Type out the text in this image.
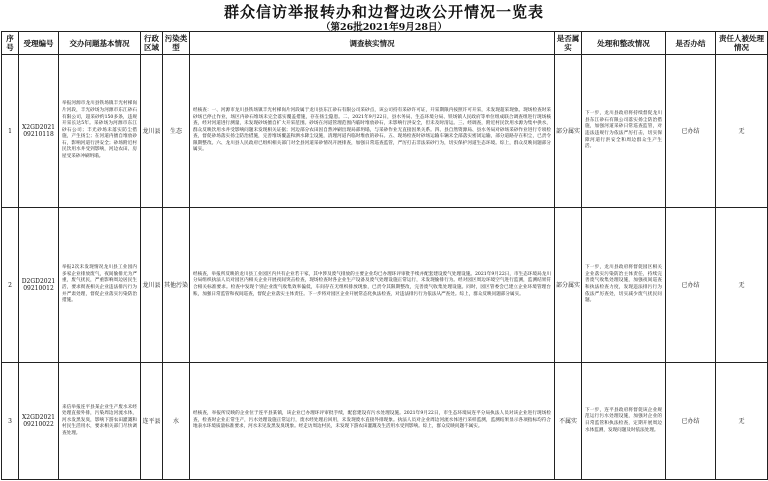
群众信访举报转办和边督边改公开情况一览表
（第26批2021年9月28日）
序号	受理编号	交办问题基本情况	行政区域	污染类型	调查核实情况	是否属实	处理和整改情况	是否办结	责任人被处理情况
1	X2GD2021 09210118	举报河源市龙川县铁场镇丰光村梯岗片河段，丰光砂场为河源市东江砂石有限公司，超采砂约150多条，违规开采长达5年。采砂场为河源市东江砂石公司；丰光砂场未落实防尘措施，产生扬尘；在河道内擅自堆放砂石，影响河道行洪安全；砂场附近村民饮用水井受到影响，河边农田、房屋受采砂冲刷坍塌。	龙川县	生态	经核查：一、河源市龙川县铁场镇丰光村梯岗片河段属于龙川县东江砂石有限公司采砂点，该公司持有采砂许可证，开采期限内按照许可开采，未发现超采现象。现场检查时采砂场已停止作业，场区内砂石堆场未完全落实覆盖措施，存在扬尘隐患。二、2021年9月22日，县水务局、生态环境分局、铁场镇人民政府等单位组成联合调查组进行现场核查，经对河道进行测量，未发现砂场擅自扩大开采范围。砂场在河道管理范围内临时堆放砂石，未影响行洪安全，但未及时清运。三、经调查，附近村民饮用水源为集中供水，群众反映饮用水井受影响问题未发现相关证据；河边部分农田因自然冲刷出现局部坍塌，与采砂作业无直接因果关系。四、县自然资源局、县水务局对砂场采砂作业进行专项检查，督促砂场落实扬尘防治措施，完善堆场覆盖和洒水降尘设施，清理河道内临时堆放的砂石。五、现场检查时砂场运输车辆未全部落实密闭运输，部分道路存在积尘，已责令限期整改。六、龙川县人民政府已组织相关部门对全县河道采砂情况开展排查，加强日常巡查监管，严厉打击非法采砂行为，切实保护河道生态环境。综上，群众反映问题部分属实。	部分属实	下一步，龙川县政府将持续督促龙川县东江砂石有限公司落实扬尘防治措施，加强河道采砂日常巡查监管，对违法违规行为依法严厉打击，切实保障河道行洪安全和周边群众生产生活。	已办结	无
2	D2GD2021 09210012	举报2次未发现情况龙川县工业园内多家企业排放废气，夜间偷排尤为严重，废气扰民，严重影响周边居民生活，要求彻查相关企业违法排污行为并严肃处理，督促企业落实污染防治措施。	龙川县	其他污染	经核查，举报所反映的龙川县工业园区内共有企业若干家，其中涉及废气排放的主要企业均已办理环评审批手续并配套建设废气处理设施。2021年9月22日，市生态环境局龙川分局组织执法人员对园区内相关企业开展夜间突击检查，现场检查时各企业生产设备及废气处理设施正常运行，未发现偷排行为。经对园区周边环境空气进行监测，监测结果符合相关标准要求。检查中发现个别企业废气收集效率偏低，车间存在无组织排放现象，已责令其限期整改，完善废气收集处理设施。同时，园区管委会已建立企业环境管理台账，加强日常监管和夜间巡查，督促企业落实主体责任。下一步将对园区企业开展常态化执法检查，对违法排污行为依法从严查处。综上，群众反映问题部分属实。	部分属实	下一步，龙川县政府将督促园区相关企业落实污染防治主体责任，持续完善废气收集处理设施，加强夜间巡查和执法检查力度，发现违法排污行为依法严厉查处，切实减少废气扰民问题。	已办结	无
3	X2GD2021 09210022	来信举报连平县某企业生产废水未经处理直接外排，污染周边河流水体，河水发黑发臭，影响下游农田灌溉和村民生活用水，要求相关部门尽快调查处理。	连平县	水	经核查，举报所反映的企业位于连平县某镇，该企业已办理环评审批手续，配套建设有污水处理设施。2021年9月22日，市生态环境局连平分局执法人员对该企业进行现场检查，检查时企业正常生产，污水处理设施正常运行，废水经处理后回用，未发现废水直接外排现象。执法人员对企业周边河流水体进行采样监测，监测结果显示各项指标均符合地表水环境质量标准要求，河水未见发黑发臭现象。经走访周边村民，未发现下游农田灌溉及生活用水受到影响。综上，群众反映问题不属实。	不属实	下一步，连平县政府将督促该企业规范运行污水处理设施，加强对企业的日常监管和执法检查，定期开展周边水体监测，发现问题及时依法处理。	已办结	无
